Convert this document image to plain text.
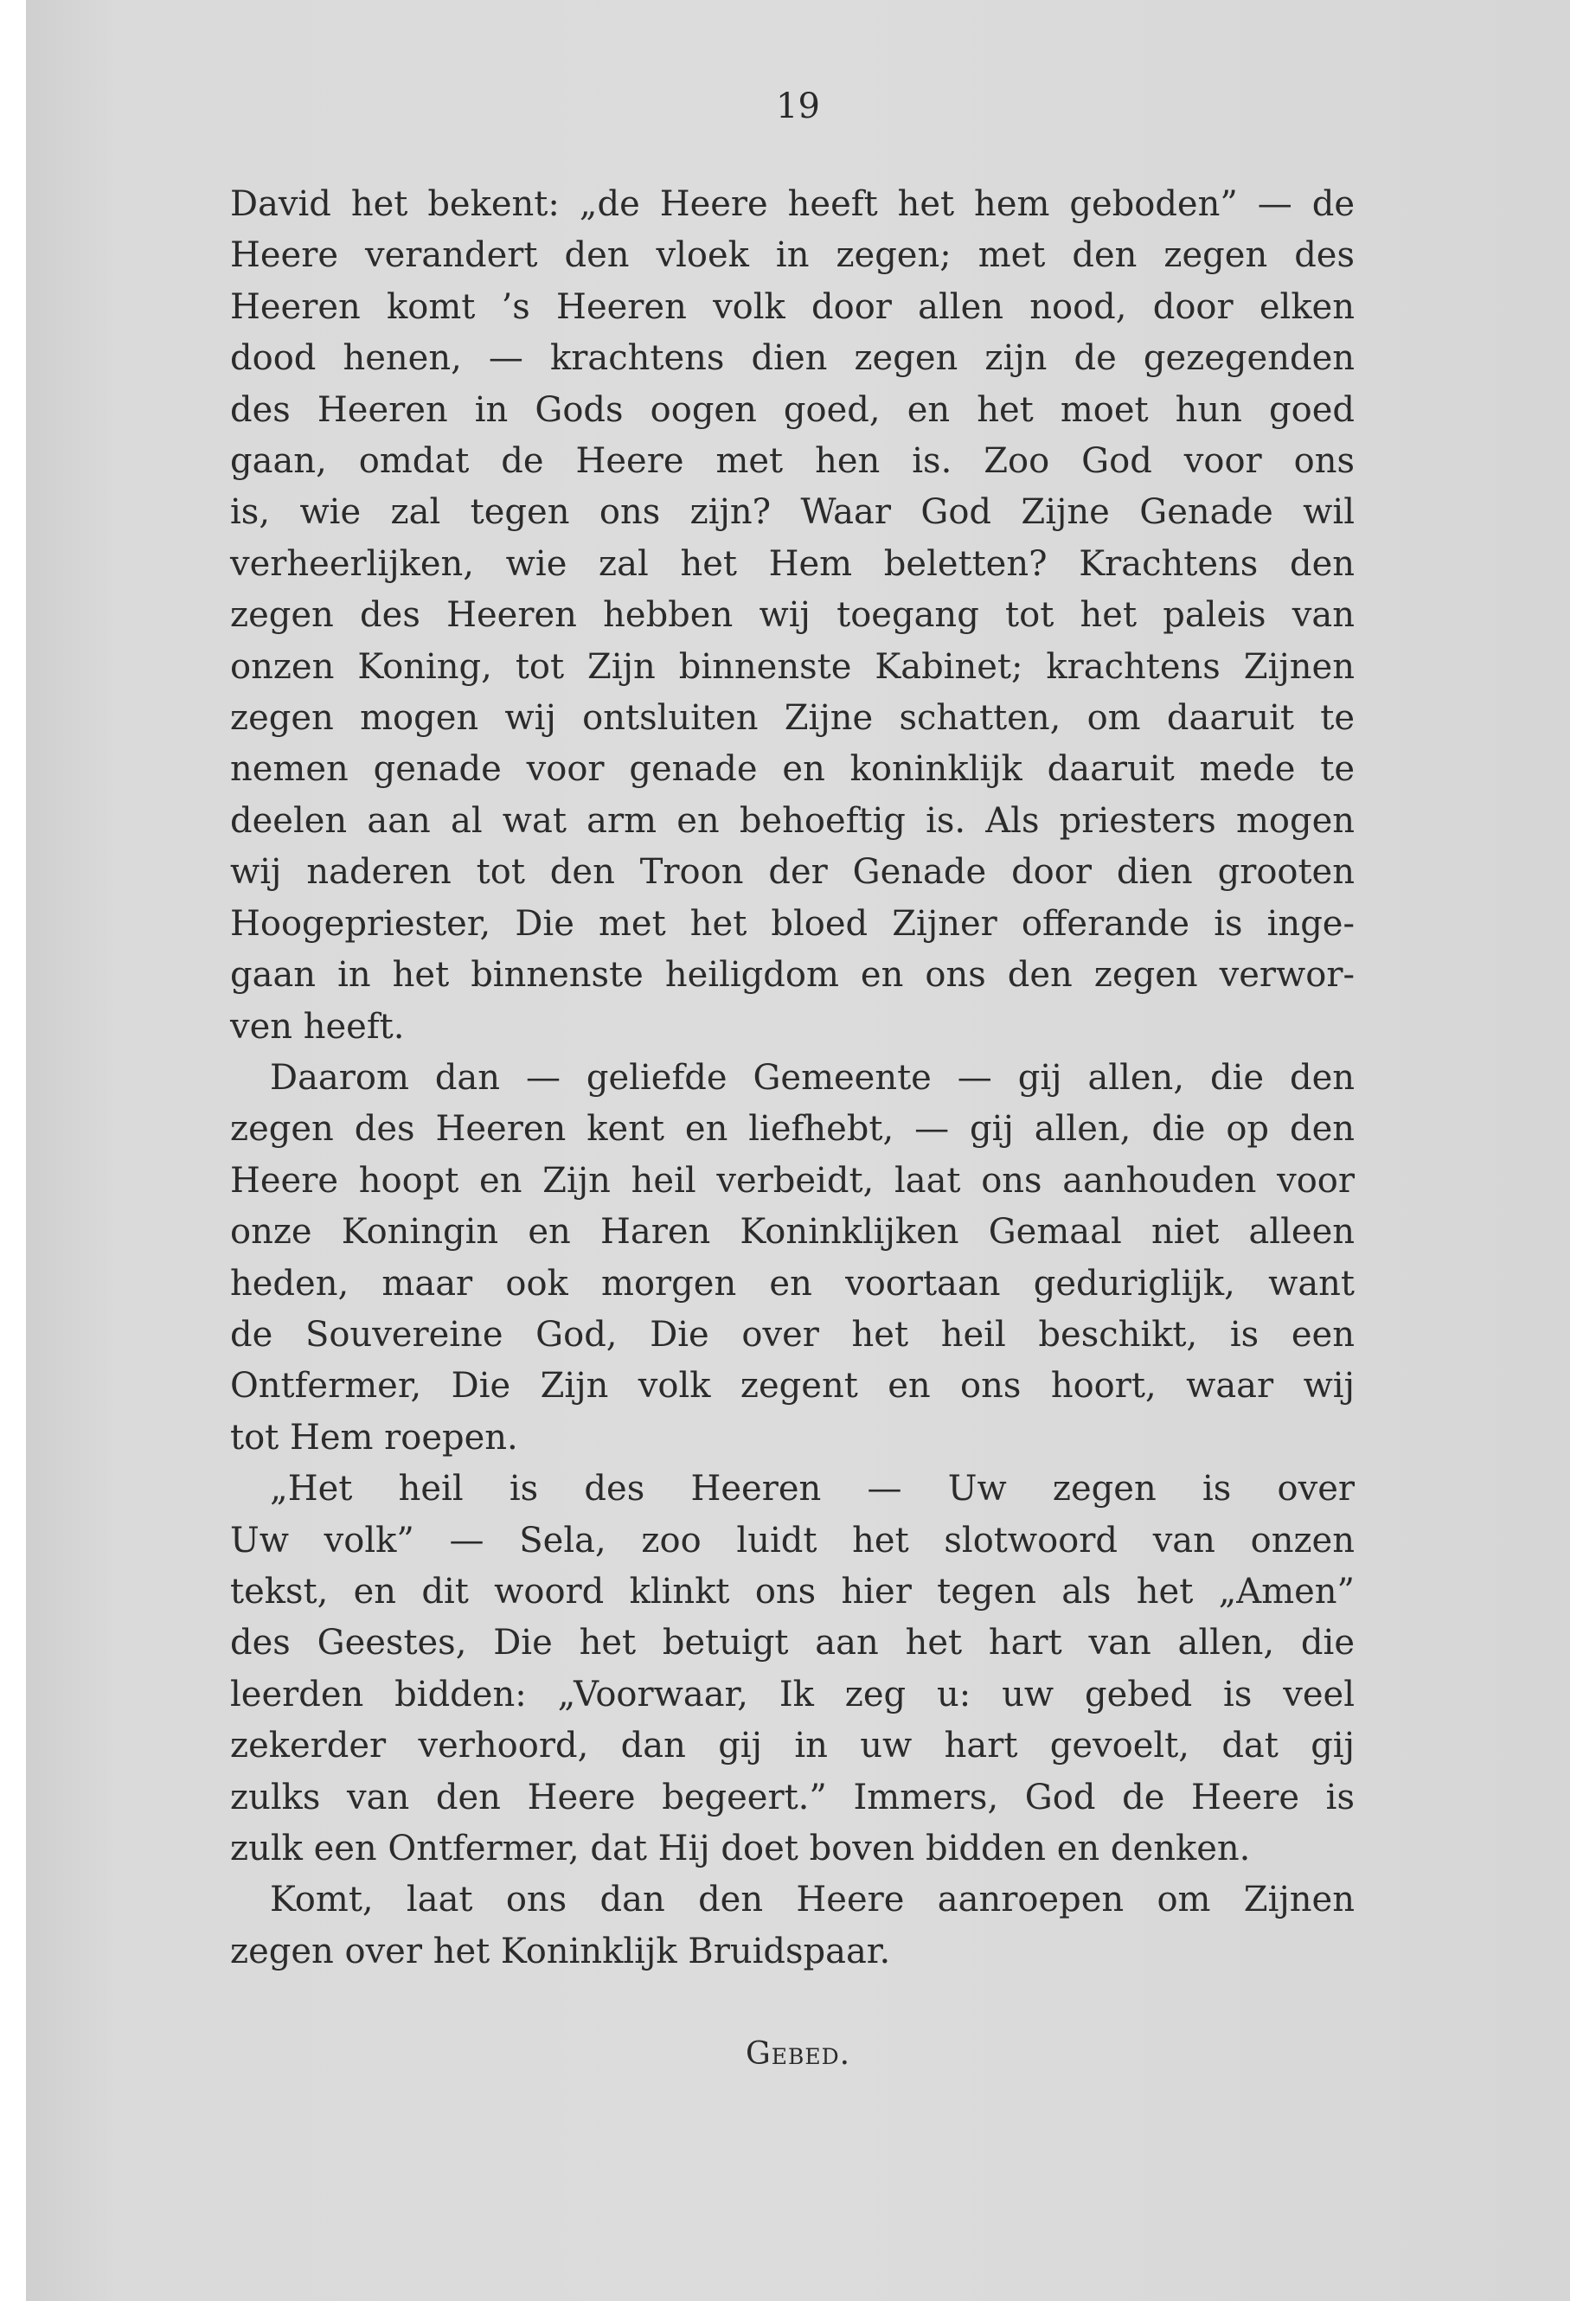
19
David het bekent: „de Heere heeft het hem geboden” — de
Heere verandert den vloek in zegen; met den zegen des
Heeren komt ’s Heeren volk door allen nood, door elken
dood henen, — krachtens dien zegen zijn de gezegenden
des Heeren in Gods oogen goed, en het moet hun goed
gaan, omdat de Heere met hen is. Zoo God voor ons
is, wie zal tegen ons zijn? Waar God Zijne Genade wil
verheerlijken, wie zal het Hem beletten? Krachtens den
zegen des Heeren hebben wij toegang tot het paleis van
onzen Koning, tot Zijn binnenste Kabinet; krachtens Zijnen
zegen mogen wij ontsluiten Zijne schatten, om daaruit te
nemen genade voor genade en koninklijk daaruit mede te
deelen aan al wat arm en behoeftig is. Als priesters mogen
wij naderen tot den Troon der Genade door dien grooten
Hoogepriester, Die met het bloed Zijner offerande is inge-
gaan in het binnenste heiligdom en ons den zegen verwor-
ven heeft.
Daarom dan — geliefde Gemeente — gij allen, die den
zegen des Heeren kent en liefhebt, — gij allen, die op den
Heere hoopt en Zijn heil verbeidt, laat ons aanhouden voor
onze Koningin en Haren Koninklijken Gemaal niet alleen
heden, maar ook morgen en voortaan geduriglijk, want
de Souvereine God, Die over het heil beschikt, is een
Ontfermer, Die Zijn volk zegent en ons hoort, waar wij
tot Hem roepen.
„Het heil is des Heeren — Uw zegen is over
Uw volk” — Sela, zoo luidt het slotwoord van onzen
tekst, en dit woord klinkt ons hier tegen als het „Amen”
des Geestes, Die het betuigt aan het hart van allen, die
leerden bidden: „Voorwaar, Ik zeg u: uw gebed is veel
zekerder verhoord, dan gij in uw hart gevoelt, dat gij
zulks van den Heere begeert.” Immers, God de Heere is
zulk een Ontfermer, dat Hij doet boven bidden en denken.
Komt, laat ons dan den Heere aanroepen om Zijnen
zegen over het Koninklijk Bruidspaar.
Gebed.
